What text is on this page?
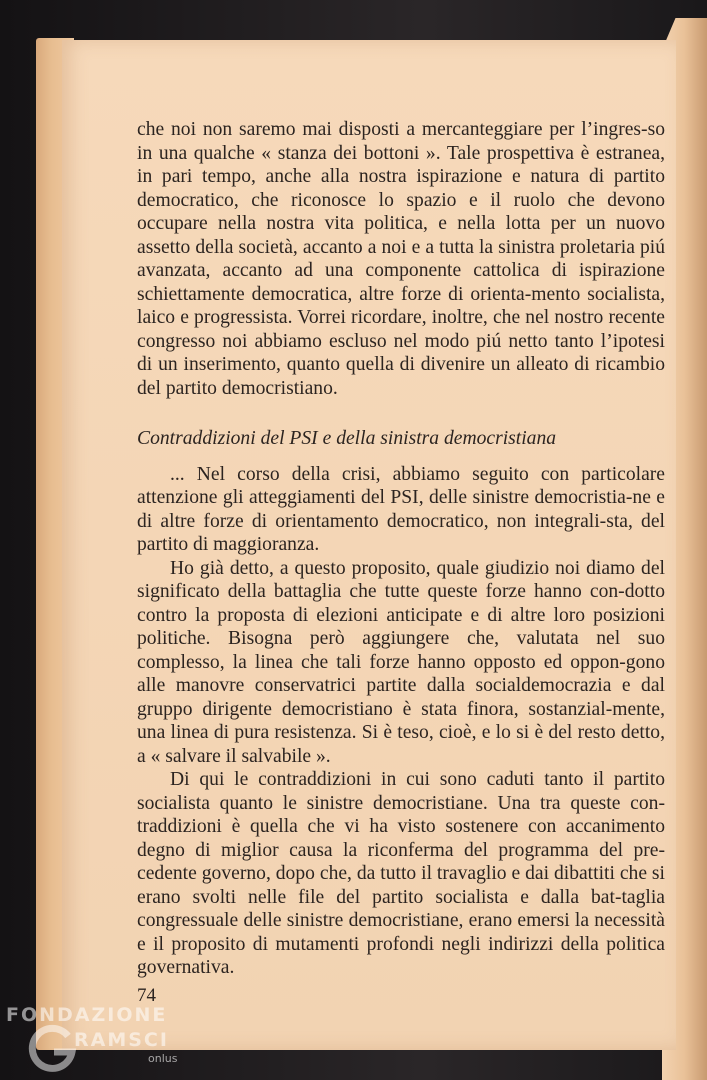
che noi non saremo mai disposti a mercanteggiare per l’ingres-so in una qualche « stanza dei bottoni ». Tale prospettiva è estranea, in pari tempo, anche alla nostra ispirazione e natura di partito democratico, che riconosce lo spazio e il ruolo che devono occupare nella nostra vita politica, e nella lotta per un nuovo assetto della società, accanto a noi e a tutta la sinistra proletaria piú avanzata, accanto ad una componente cattolica di ispirazione schiettamente democratica, altre forze di orienta-mento socialista, laico e progressista. Vorrei ricordare, inoltre, che nel nostro recente congresso noi abbiamo escluso nel modo piú netto tanto l’ipotesi di un inserimento, quanto quella di divenire un alleato di ricambio del partito democristiano.

Contraddizioni del PSI e della sinistra democristiana

... Nel corso della crisi, abbiamo seguito con particolare attenzione gli atteggiamenti del PSI, delle sinistre democristia-ne e di altre forze di orientamento democratico, non integrali-sta, del partito di maggioranza.

Ho già detto, a questo proposito, quale giudizio noi diamo del significato della battaglia che tutte queste forze hanno con-dotto contro la proposta di elezioni anticipate e di altre loro posizioni politiche. Bisogna però aggiungere che, valutata nel suo complesso, la linea che tali forze hanno opposto ed oppon-gono alle manovre conservatrici partite dalla socialdemocrazia e dal gruppo dirigente democristiano è stata finora, sostanzial-mente, una linea di pura resistenza. Si è teso, cioè, e lo si è del resto detto, a « salvare il salvabile ».

Di qui le contraddizioni in cui sono caduti tanto il partito socialista quanto le sinistre democristiane. Una tra queste con-traddizioni è quella che vi ha visto sostenere con accanimento degno di miglior causa la riconferma del programma del pre-cedente governo, dopo che, da tutto il travaglio e dai dibattiti che si erano svolti nelle file del partito socialista e dalla bat-taglia congressuale delle sinistre democristiane, erano emersi la necessità e il proposito di mutamenti profondi negli indirizzi della politica governativa.

74
FONDAZIONE
RAMSCI
onlus
